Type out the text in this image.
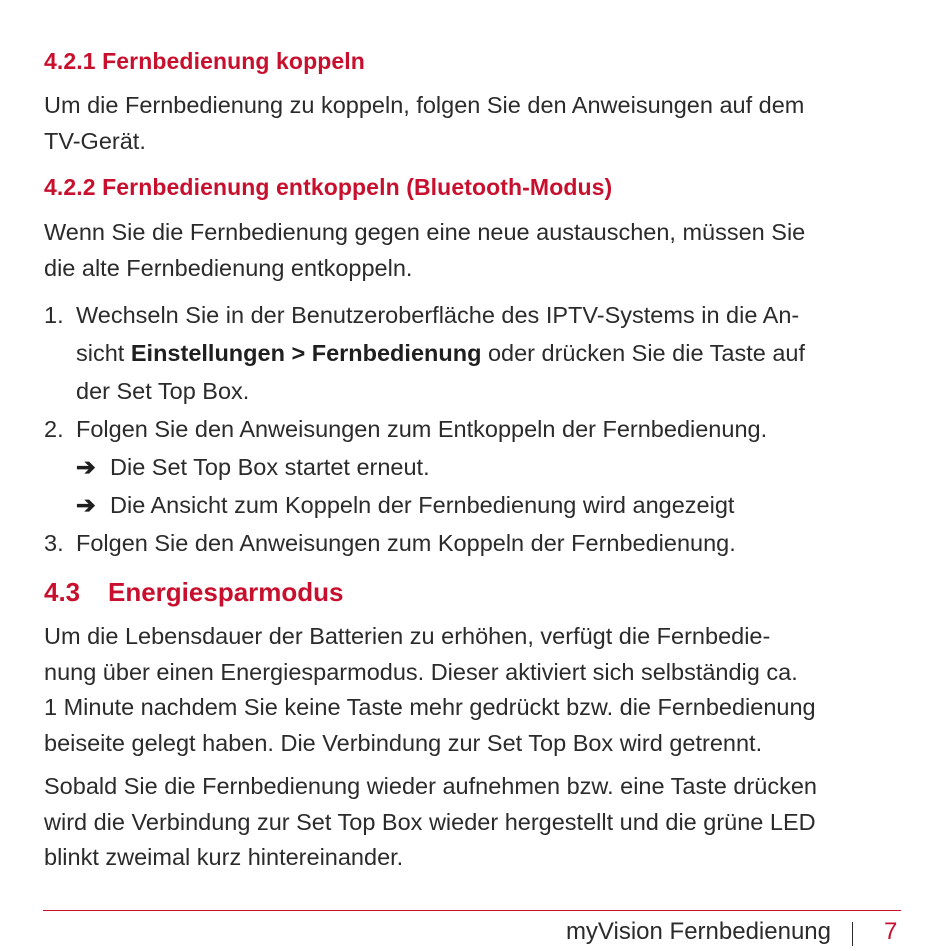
4.2.1 Fernbedienung koppeln
Um die Fernbedienung zu koppeln, folgen Sie den Anweisungen auf dem
TV-Gerät.
4.2.2 Fernbedienung entkoppeln (Bluetooth-Modus)
Wenn Sie die Fernbedienung gegen eine neue austauschen, müssen Sie
die alte Fernbedienung entkoppeln.
1. Wechseln Sie in der Benutzeroberfläche des IPTV-Systems in die An-
sicht Einstellungen > Fernbedienung oder drücken Sie die Taste auf
der Set Top Box.
2. Folgen Sie den Anweisungen zum Entkoppeln der Fernbedienung.
➔ Die Set Top Box startet erneut.
➔ Die Ansicht zum Koppeln der Fernbedienung wird angezeigt
3. Folgen Sie den Anweisungen zum Koppeln der Fernbedienung.
4.3 Energiesparmodus
Um die Lebensdauer der Batterien zu erhöhen, verfügt die Fernbedie-
nung über einen Energiesparmodus. Dieser aktiviert sich selbständig ca.
1 Minute nachdem Sie keine Taste mehr gedrückt bzw. die Fernbedienung
beiseite gelegt haben. Die Verbindung zur Set Top Box wird getrennt.
Sobald Sie die Fernbedienung wieder aufnehmen bzw. eine Taste drücken
wird die Verbindung zur Set Top Box wieder hergestellt und die grüne LED
blinkt zweimal kurz hintereinander.
myVision Fernbedienung 7
